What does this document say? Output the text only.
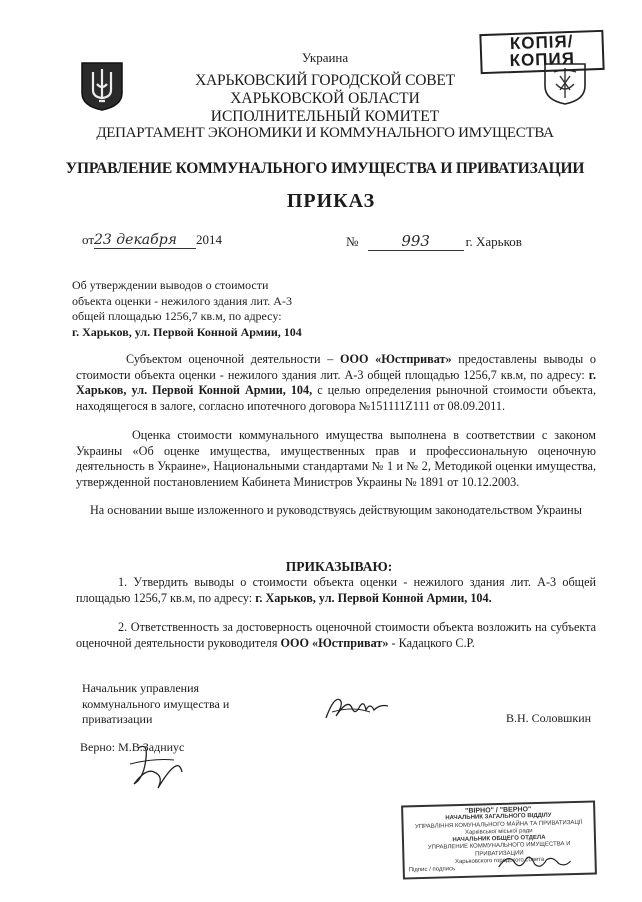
КОПІЯ/
КОПИЯ
Украина
ХАРЬКОВСКИЙ ГОРОДСКОЙ СОВЕТ
ХАРЬКОВСКОЙ ОБЛАСТИ
ИСПОЛНИТЕЛЬНЫЙ КОМИТЕТ
ДЕПАРТАМЕНТ ЭКОНОМИКИ И КОММУНАЛЬНОГО ИМУЩЕСТВА
УПРАВЛЕНИЕ КОММУНАЛЬНОГО ИМУЩЕСТВА И ПРИВАТИЗАЦИИ
ПРИКАЗ
от23 декабря 2014	№	993	г. Харьков
Об утверждении выводов о стоимости
объекта оценки - нежилого здания лит. А-3
общей площадью 1256,7 кв.м, по адресу:
г. Харьков, ул. Первой Конной Армии, 104
Субъектом оценочной деятельности – ООО «Юстприват» предоставлены выводы о стоимости объекта оценки - нежилого здания лит. А-3 общей площадью 1256,7 кв.м, по адресу: г. Харьков, ул. Первой Конной Армии, 104, с целью определения рыночной стоимости объекта, находящегося в залоге, согласно ипотечного договора №151111Z111 от 08.09.2011.
Оценка стоимости коммунального имущества выполнена в соответствии с законом Украины «Об оценке имущества, имущественных прав и профессиональную оценочную деятельность в Украине», Национальными стандартами № 1 и № 2, Методикой оценки имущества, утвержденной постановлением Кабинета Министров Украины № 1891 от 10.12.2003.
На основании выше изложенного и руководствуясь действующим законодательством Украины
ПРИКАЗЫВАЮ:
1. Утвердить выводы о стоимости объекта оценки - нежилого здания лит. А-3 общей площадью 1256,7 кв.м, по адресу: г. Харьков, ул. Первой Конной Армии, 104.
2. Ответственность за достоверность оценочной стоимости объекта возложить на субъекта оценочной деятельности руководителя ООО «Юстприват» - Кадацкого С.Р.
Начальник управления
коммунального имущества и
приватизации	В.Н. Соловшкин
Верно: М.В.Задниус
"ВІРНО" / "ВЕРНО"
НАЧАЛЬНИК ЗАГАЛЬНОГО ВІДДІЛУ
УПРАВЛІННЯ КОМУНАЛЬНОГО МАЙНА ТА ПРИВАТИЗАЦІЇ
Харківської міської ради
НАЧАЛЬНИК ОБЩЕГО ОТДЕЛА
УПРАВЛЕНИЕ КОММУНАЛЬНОГО ИМУЩЕСТВА И ПРИВАТИЗАЦИИ
Харьковского городского совета
Підпис / подпись
